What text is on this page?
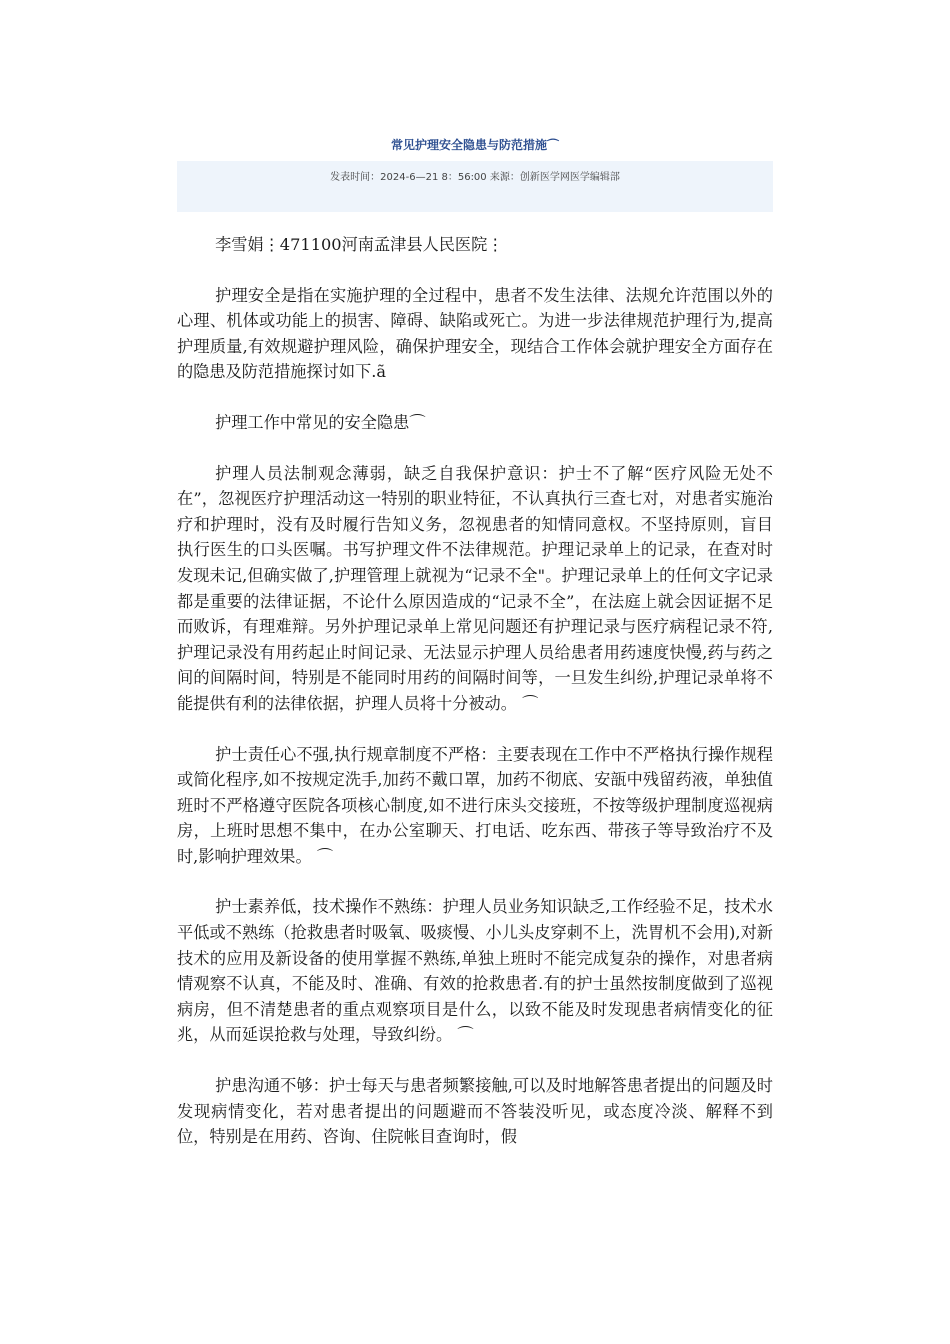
常见护理安全隐患与防范措施⌒
发表时间：2024-6—21 8：56:00 来源：创新医学网医学编辑部

李雪娟⋮471100河南孟津县人民医院⋮

护理安全是指在实施护理的全过程中，患者不发生法律、法规允许范围以外的心理、机体或功能上的损害、障碍、缺陷或死亡。为进一步法律规范护理行为,提高护理质量,有效规避护理风险，确保护理安全，现结合工作体会就护理安全方面存在的隐患及防范措施探讨如下.ã

护理工作中常见的安全隐患⌒

护理人员法制观念薄弱，缺乏自我保护意识：护士不了解“医疗风险无处不在”，忽视医疗护理活动这一特别的职业特征，不认真执行三查七对，对患者实施治疗和护理时，没有及时履行告知义务，忽视患者的知情同意权。不坚持原则，盲目执行医生的口头医嘱。书写护理文件不法律规范。护理记录单上的记录，在查对时发现未记,但确实做了,护理管理上就视为“记录不全"。护理记录单上的任何文字记录都是重要的法律证据，不论什么原因造成的“记录不全”，在法庭上就会因证据不足而败诉，有理难辩。另外护理记录单上常见问题还有护理记录与医疗病程记录不符,护理记录没有用药起止时间记录、无法显示护理人员给患者用药速度快慢,药与药之间的间隔时间，特别是不能同时用药的间隔时间等，一旦发生纠纷,护理记录单将不能提供有利的法律依据，护理人员将十分被动。 ⌒

护士责任心不强,执行规章制度不严格：主要表现在工作中不严格执行操作规程或简化程序,如不按规定洗手,加药不戴口罩，加药不彻底、安瓿中残留药液，单独值班时不严格遵守医院各项核心制度,如不进行床头交接班，不按等级护理制度巡视病房，上班时思想不集中，在办公室聊天、打电话、吃东西、带孩子等导致治疗不及时,影响护理效果。 ⌒

护士素养低，技术操作不熟练：护理人员业务知识缺乏,工作经验不足，技术水平低或不熟练（抢救患者时吸氧、吸痰慢、小儿头皮穿刺不上，洗胃机不会用),对新技术的应用及新设备的使用掌握不熟练,单独上班时不能完成复杂的操作，对患者病情观察不认真，不能及时、准确、有效的抢救患者.有的护士虽然按制度做到了巡视病房，但不清楚患者的重点观察项目是什么，以致不能及时发现患者病情变化的征兆，从而延误抢救与处理，导致纠纷。 ⌒

护患沟通不够：护士每天与患者频繁接触,可以及时地解答患者提出的问题及时发现病情变化，若对患者提出的问题避而不答装没听见，或态度冷淡、解释不到位，特别是在用药、咨询、住院帐目查询时，假
